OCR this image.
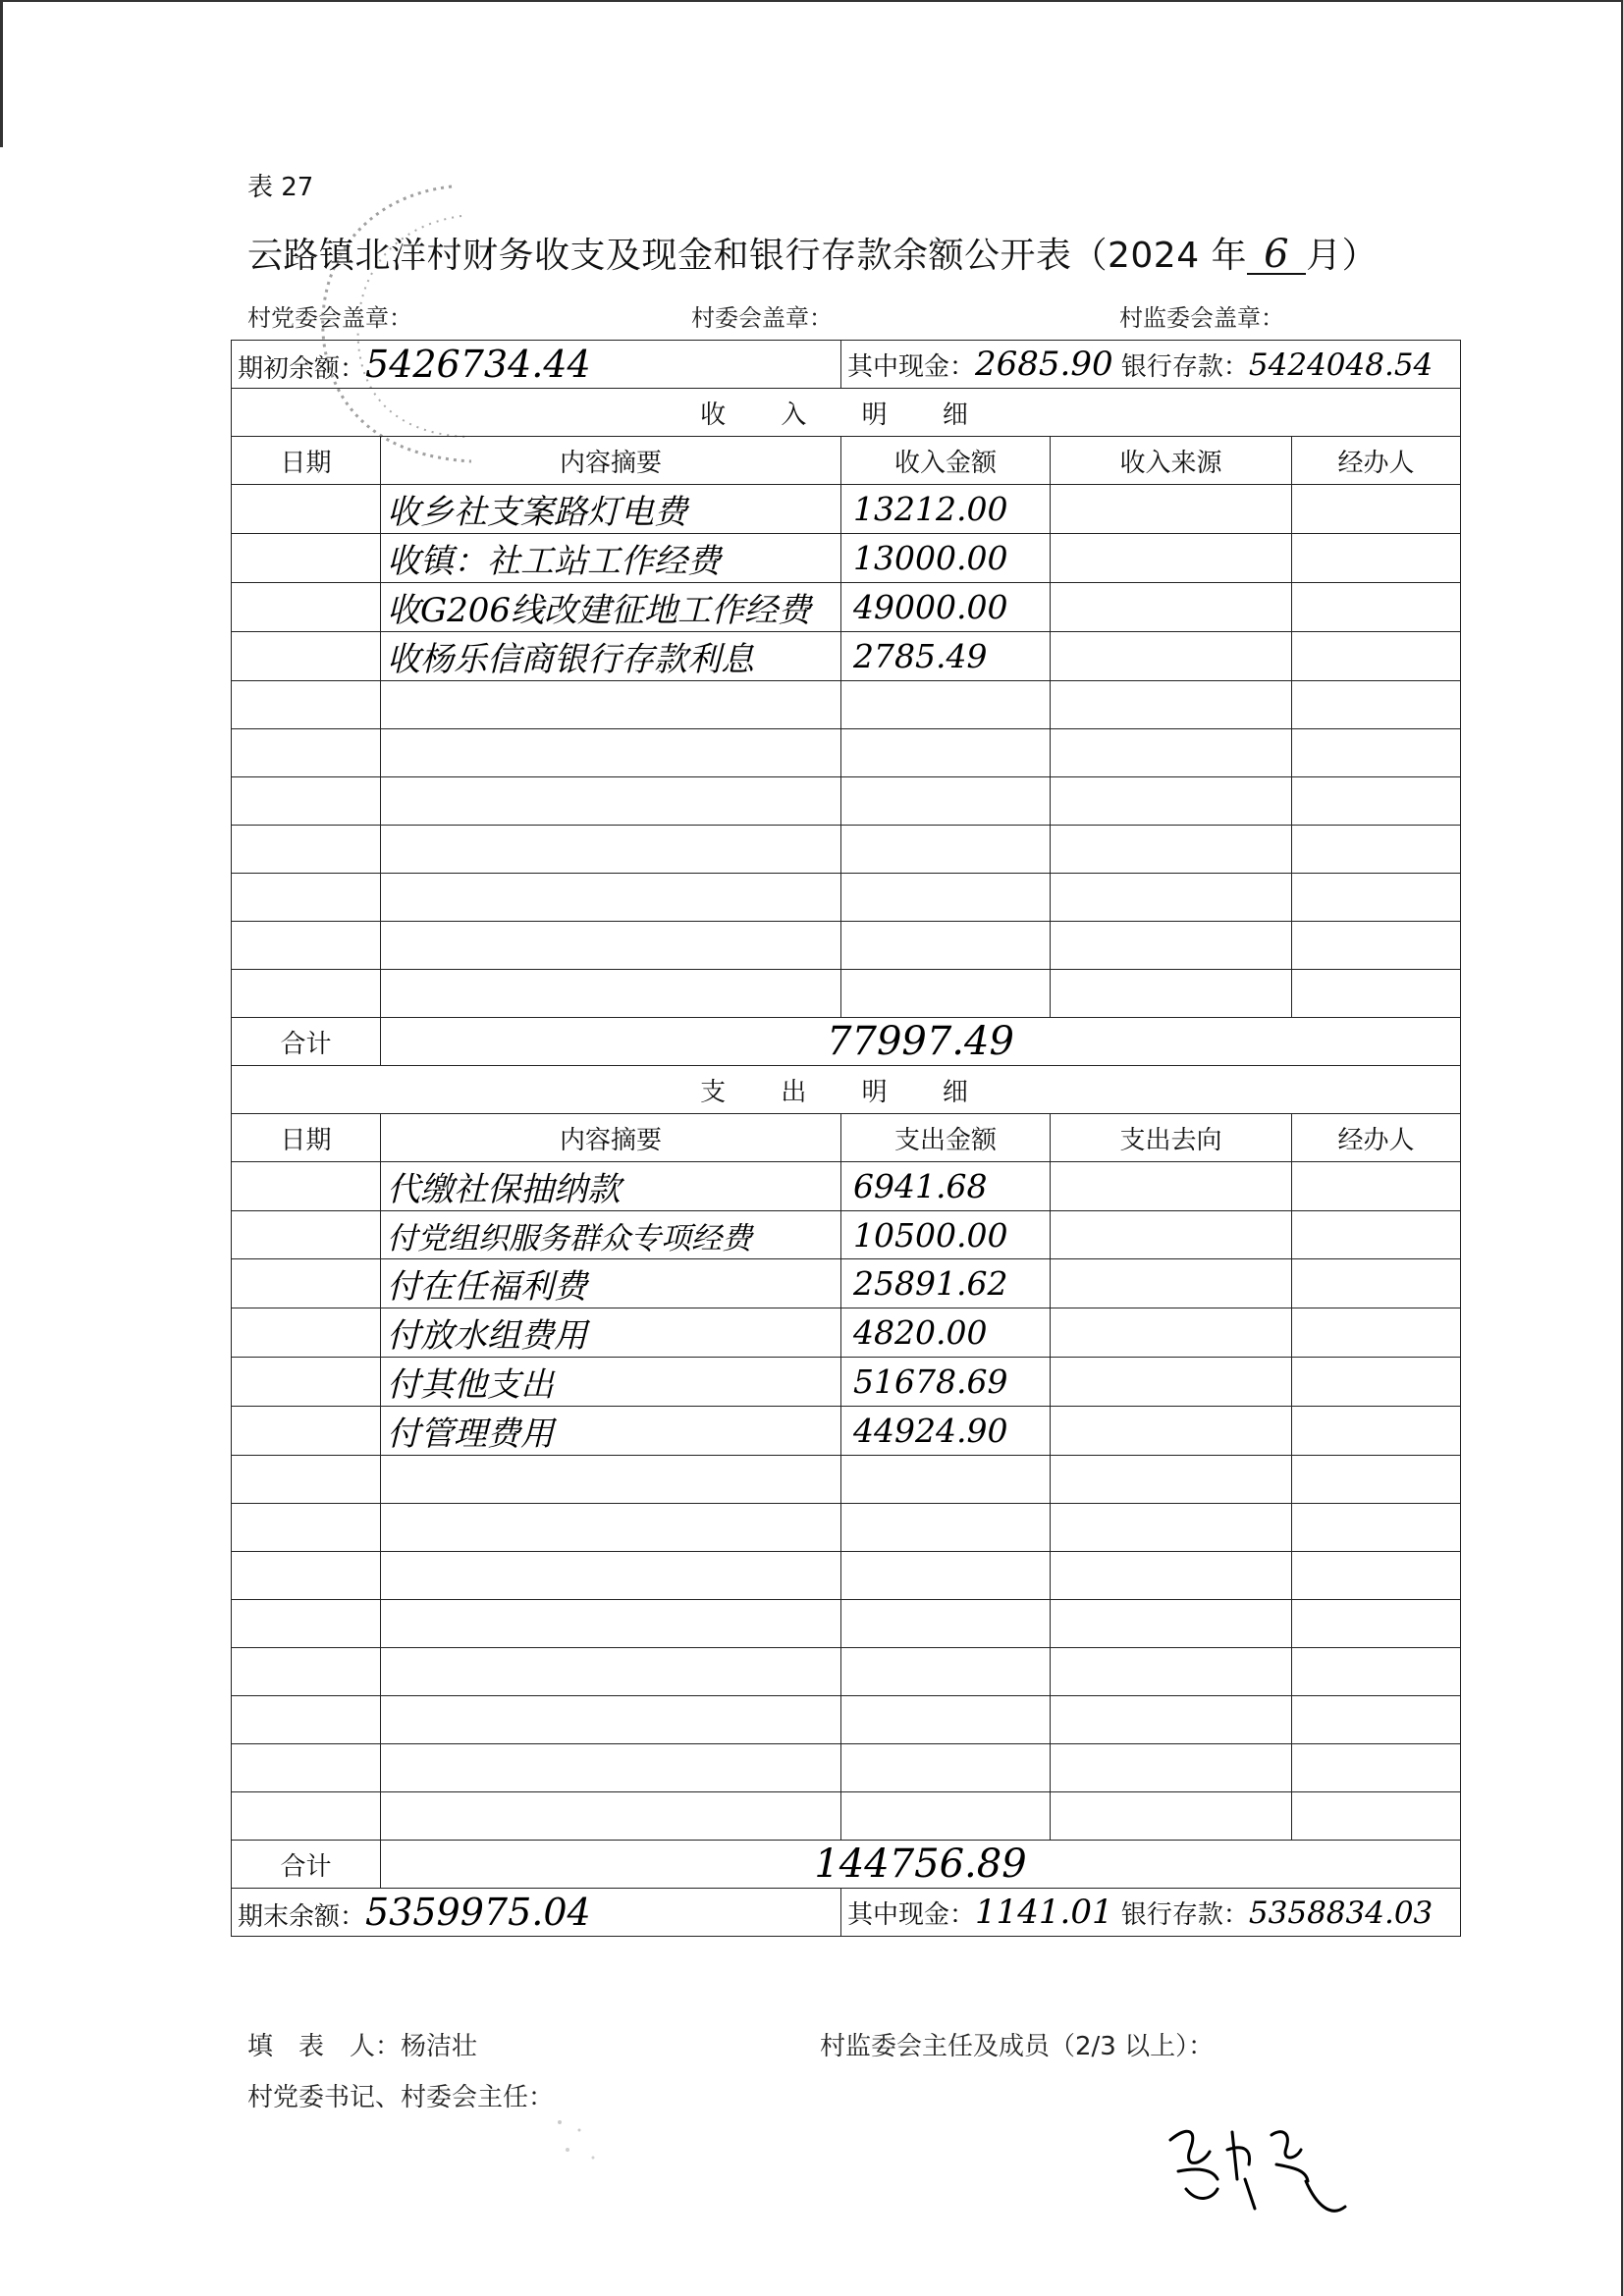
表 27
云路镇北洋村财务收支及现金和银行存款余额公开表（2024 年 6 月）
村党委会盖章：	村委会盖章：	村监委会盖章：
期初余额：5426734.44		其中现金：2685.90 银行存款：5424048.54		
收 入 明 细				
日期	内容摘要	收入金额	收入来源	经办人
	收乡社支案路灯电费	13212.00		
	收镇：社工站工作经费	13000.00		
	收G206线改建征地工作经费	49000.00		
	收杨乐信商银行存款利息	2785.49		

合计	77997.49			
支 出 明 细				
日期	内容摘要	支出金额	支出去向	经办人
	代缴社保抽纳款	6941.68		
	付党组织服务群众专项经费	10500.00		
	付在任福利费	25891.62		
	付放水组费用	4820.00		
	付其他支出	51678.69		
	付管理费用	44924.90		

合计	144756.89			
期末余额：5359975.04		其中现金：1141.01 银行存款：5358834.03		
填　表　人：杨洁壮	村监委会主任及成员（2/3 以上）：
村党委书记、村委会主任：
